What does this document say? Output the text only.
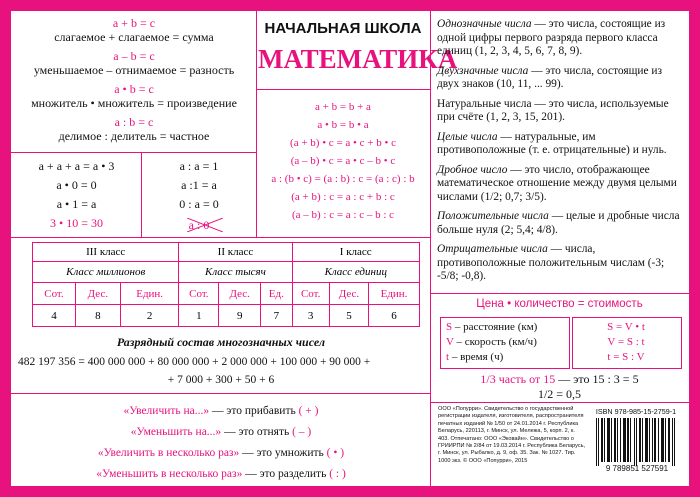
НАЧАЛЬНАЯ ШКОЛА
МАТЕМАТИКА
a + b = c
слагаемое + слагаемое = сумма
a – b = c
уменьшаемое – отнимаемое = разность
a • b = c
множитель • множитель = произведение
a : b = c
делимое : делитель = частное
a + a + a = a • 3
a • 0 = 0
a • 1 = a
3 • 10 = 30
a : a = 1
a :1 = a
0 : a = 0
a : 0
a + b = b + a
a • b = b • a
(a + b) • c = a • c + b • c
(a – b) • c = a • c – b • c
a : (b • c) = (a : b) : c = (a : c) : b
(a + b) : c = a : c + b : c
(a – b) : c = a : c – b : c

Однозначные числа — это числа, состоящие из одной цифры первого разряда первого класса единиц (1, 2, 3, 4, 5, 6, 7, 8, 9).

Двухзначные числа — это числа, состоящие из двух знаков (10, 11, ... 99).

Натуральные числа — это числа, используемые при счёте (1, 2, 3, 15, 201).

Целые числа — натуральные, им противоположные (т. е. отрицательные) и нуль.

Дробное число — это число, отображающее математическое отношение между двумя целыми числами (1/2; 0,7; 3/5).

Положительные числа — целые и дробные числа больше нуля (2; 5,4; 4/8).

Отрицательные числа — числа, противоположные положительным числам (-3; -5/8; -0,8).

III класс			II класс			I класс		
Класс миллионов			Класс тысяч			Класс единиц		
Сот.	Дес.	Един.	Сот.	Дес.	Ед.	Сот.	Дес.	Един.
4	8	2	1	9	7	3	5	6
Разрядный состав многозначных чисел
482 197 356 = 400 000 000 + 80 000 000 + 2 000 000 + 100 000 + 90 000 +
+ 7 000 + 300 + 50 + 6
«Увеличить на...» — это прибавить ( + )
«Уменьшить на...» — это отнять ( – )
«Увеличить в несколько раз» — это умножить ( • )
«Уменьшить в несколько раз» — это разделить ( : )
Цена • количество = стоимость
S – расстояние (км)
V – скорость (км/ч)
t – время (ч)
S = V • t
V = S : t
t = S : V
1/3 часть от 15 — это 15 : 3 = 5
1/2 = 0,5
ООО «Попурри». Свидетельство о государственной регистрации издателя, изготовителя, распространителя печатных изданий № 1/50 от 24.01.2014 г. Республика Беларусь, 220113, г. Минск, ул. Мележа, 5, корп. 2, к. 403. Отпечатано: ООО «Эковайн». Свидетельство о ГРИИРПИ № 2/84 от 19.03.2014 г. Республика Беларусь, г. Минск, ул. Рыбалко, д. 9, оф. 35. Зак. № 1027. Тир. 1000 экз. © ООО «Попурри», 2015
ISBN 978-985-15-2759-1
9 789851 527591
